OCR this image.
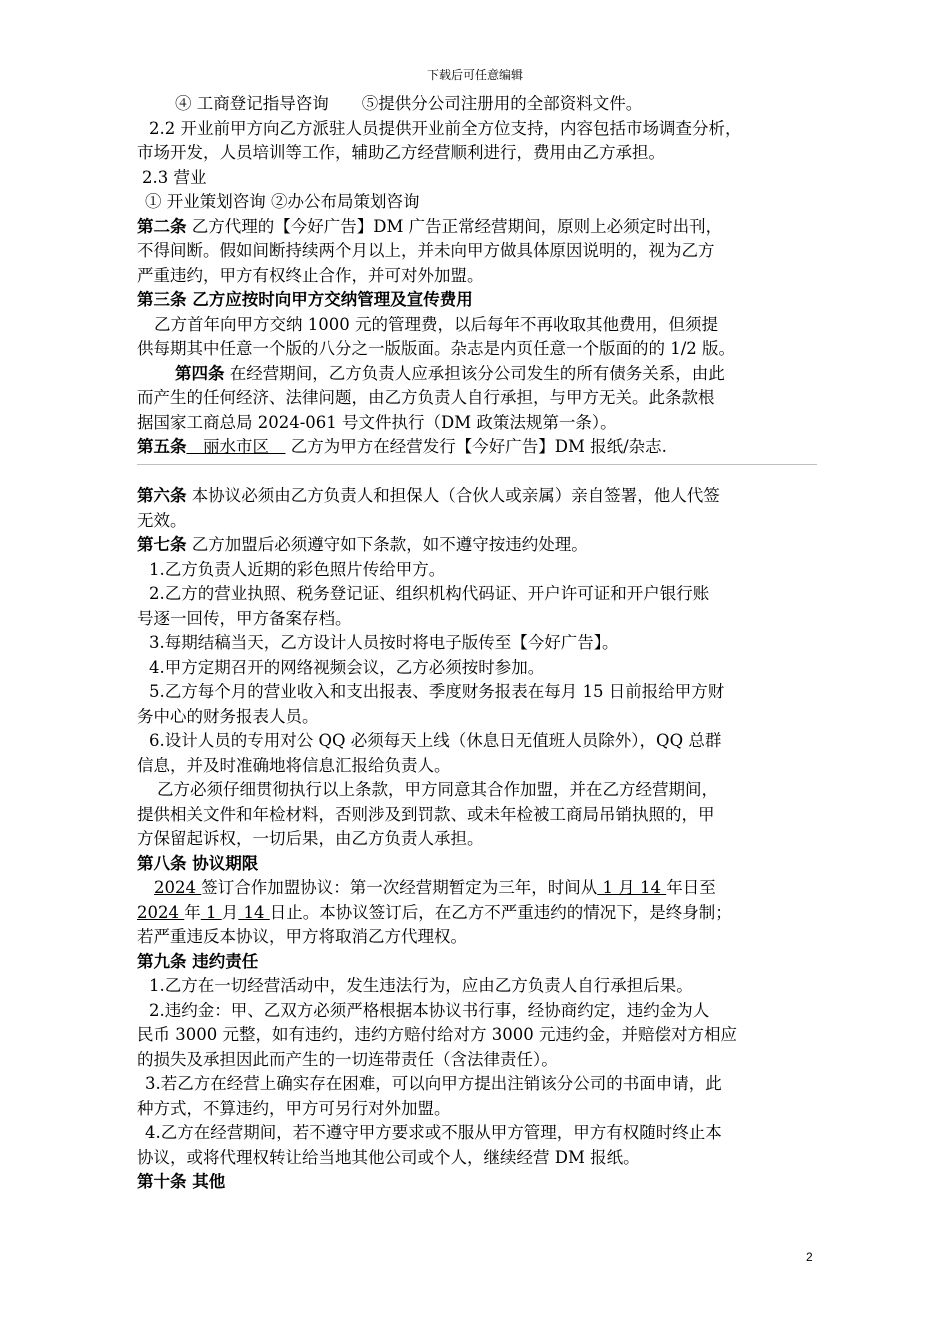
下载后可任意编辑

④ 工商登记指导咨询　　⑤提供分公司注册用的全部资料文件。

2.2 开业前甲方向乙方派驻人员提供开业前全方位支持，内容包括市场调查分析，

市场开发，人员培训等工作，辅助乙方经营顺利进行，费用由乙方承担。

2.3 营业

① 开业策划咨询 ②办公布局策划咨询

第二条 乙方代理的【今好广告】DM 广告正常经营期间，原则上必须定时出刊，

不得间断。假如间断持续两个月以上，并未向甲方做具体原因说明的，视为乙方

严重违约，甲方有权终止合作，并可对外加盟。

第三条 乙方应按时向甲方交纳管理及宣传费用

乙方首年向甲方交纳 1000 元的管理费，以后每年不再收取其他费用，但须提

供每期其中任意一个版的八分之一版版面。杂志是内页任意一个版面的的 1/2 版。

第四条 在经营期间，乙方负责人应承担该分公司发生的所有债务关系，由此

而产生的任何经济、法律问题，由乙方负责人自行承担，与甲方无关。此条款根

据国家工商总局 2024-061 号文件执行（DM 政策法规第一条）。

第五条　丽水市区　 乙方为甲方在经营发行【今好广告】DM 报纸/杂志.

第六条 本协议必须由乙方负责人和担保人（合伙人或亲属）亲自签署，他人代签

无效。

第七条 乙方加盟后必须遵守如下条款，如不遵守按违约处理。

1.乙方负责人近期的彩色照片传给甲方。

2.乙方的营业执照、税务登记证、组织机构代码证、开户许可证和开户银行账

号逐一回传，甲方备案存档。

3.每期结稿当天，乙方设计人员按时将电子版传至【今好广告】。

4.甲方定期召开的网络视频会议，乙方必须按时参加。

5.乙方每个月的营业收入和支出报表、季度财务报表在每月 15 日前报给甲方财

务中心的财务报表人员。

6.设计人员的专用对公 QQ 必须每天上线（休息日无值班人员除外），QQ 总群

信息，并及时准确地将信息汇报给负责人。

乙方必须仔细贯彻执行以上条款，甲方同意其合作加盟，并在乙方经营期间，

提供相关文件和年检材料，否则涉及到罚款、或未年检被工商局吊销执照的，甲

方保留起诉权，一切后果，由乙方负责人承担。

第八条 协议期限

2024 签订合作加盟协议：第一次经营期暂定为三年，时间从 1 月 14 年日至

2024 年 1 月 14 日止。本协议签订后，在乙方不严重违约的情况下，是终身制；

若严重违反本协议，甲方将取消乙方代理权。

第九条 违约责任

1.乙方在一切经营活动中，发生违法行为，应由乙方负责人自行承担后果。

2.违约金：甲、乙双方必须严格根据本协议书行事，经协商约定，违约金为人

民币 3000 元整，如有违约，违约方赔付给对方 3000 元违约金，并赔偿对方相应

的损失及承担因此而产生的一切连带责任（含法律责任）。

3.若乙方在经营上确实存在困难，可以向甲方提出注销该分公司的书面申请，此

种方式，不算违约，甲方可另行对外加盟。

4.乙方在经营期间，若不遵守甲方要求或不服从甲方管理，甲方有权随时终止本

协议，或将代理权转让给当地其他公司或个人，继续经营 DM 报纸。

第十条 其他

2
